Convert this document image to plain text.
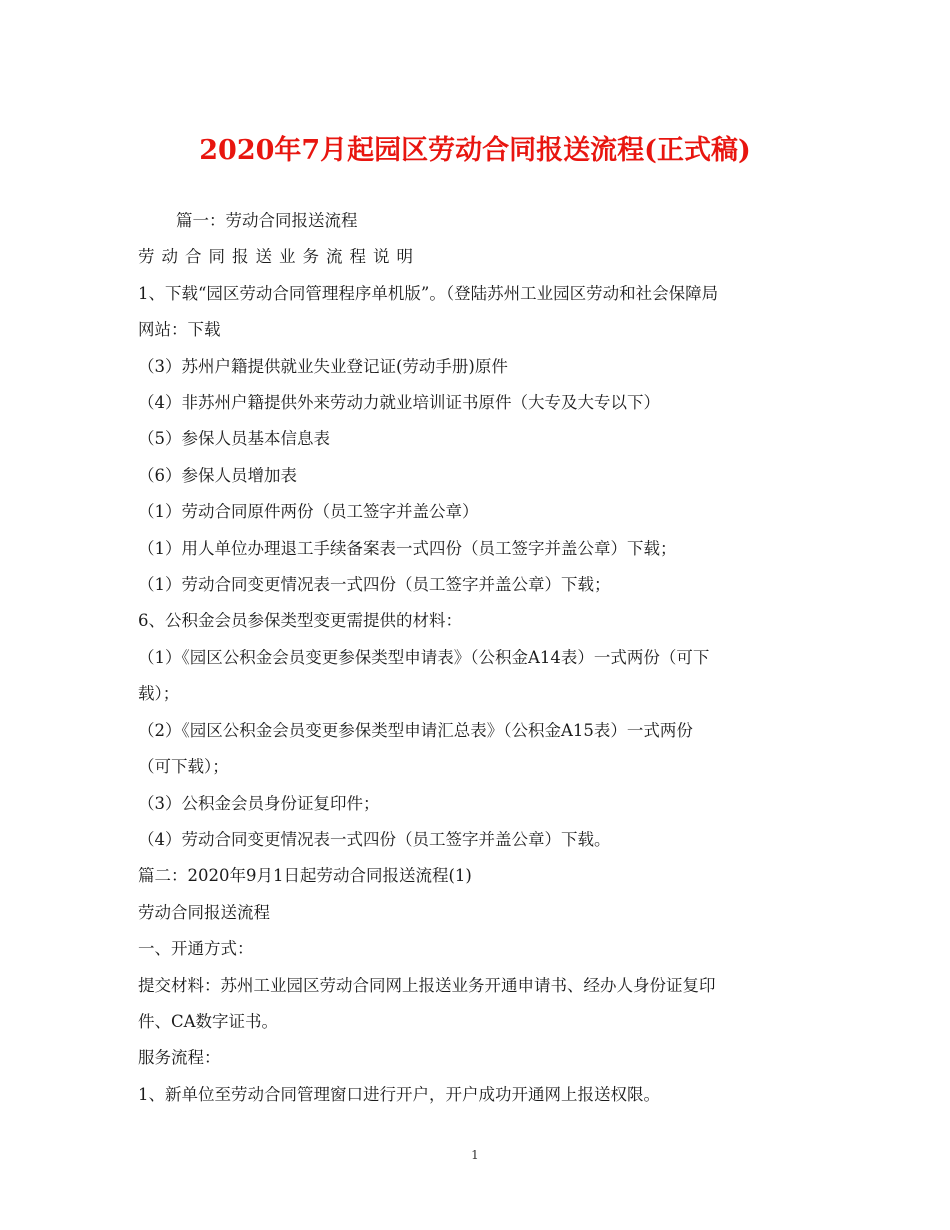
2020年7月起园区劳动合同报送流程(正式稿)
篇一：劳动合同报送流程
劳动合同报送业务流程说明
1、下载“园区劳动合同管理程序单机版”。（登陆苏州工业园区劳动和社会保障局
网站：下载
（3）苏州户籍提供就业失业登记证(劳动手册)原件
（4）非苏州户籍提供外来劳动力就业培训证书原件（大专及大专以下）
（5）参保人员基本信息表
（6）参保人员增加表
（1）劳动合同原件两份（员工签字并盖公章）
（1）用人单位办理退工手续备案表一式四份（员工签字并盖公章）下载；
（1）劳动合同变更情况表一式四份（员工签字并盖公章）下载；
6、公积金会员参保类型变更需提供的材料：
（1）《园区公积金会员变更参保类型申请表》（公积金A14表）一式两份（可下
载）；
（2）《园区公积金会员变更参保类型申请汇总表》（公积金A15表）一式两份
（可下载）；
（3）公积金会员身份证复印件；
（4）劳动合同变更情况表一式四份（员工签字并盖公章）下载。
篇二：2020年9月1日起劳动合同报送流程(1)
劳动合同报送流程
一、开通方式：
提交材料：苏州工业园区劳动合同网上报送业务开通申请书、经办人身份证复印
件、CA数字证书。
服务流程：
1、新单位至劳动合同管理窗口进行开户，开户成功开通网上报送权限。
1
